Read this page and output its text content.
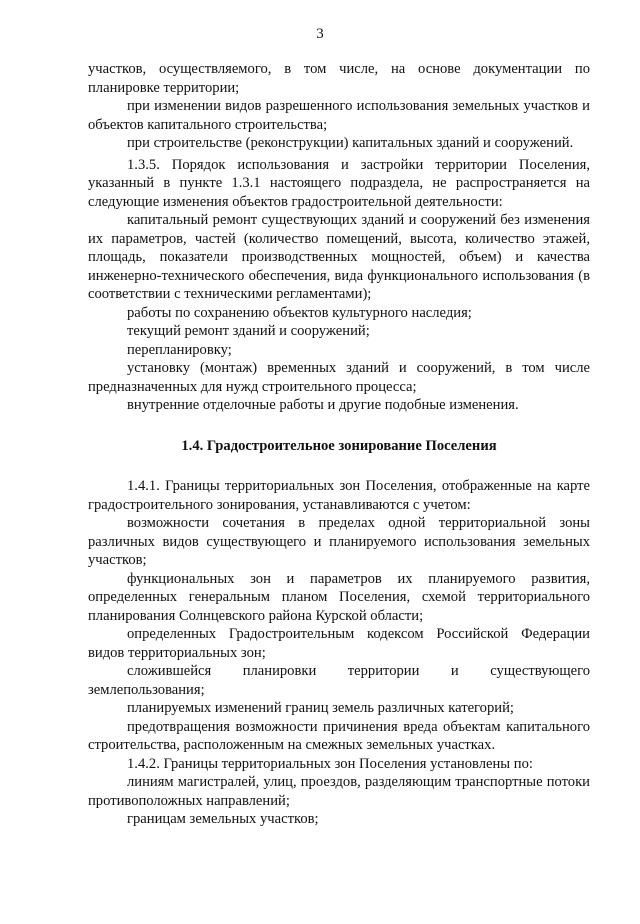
3

участков, осуществляемого, в том числе, на основе документации по планировке территории;

при изменении видов разрешенного использования земельных участков и объектов капитального строительства;

при строительстве (реконструкции) капитальных зданий и сооружений.

1.3.5. Порядок использования и застройки территории Поселения, указанный в пункте 1.3.1 настоящего подраздела, не распространяется на следующие изменения объектов градостроительной деятельности:

капитальный ремонт существующих зданий и сооружений без изменения их параметров, частей (количество помещений, высота, количество этажей, площадь, показатели производственных мощностей, объем) и качества инженерно-технического обеспечения, вида функционального использования (в соответствии с техническими регламентами);

работы по сохранению объектов культурного наследия;

текущий ремонт зданий и сооружений;

перепланировку;

установку (монтаж) временных зданий и сооружений, в том числе предназначенных для нужд строительного процесса;

внутренние отделочные работы и другие подобные изменения.

1.4. Градостроительное зонирование Поселения

1.4.1. Границы территориальных зон Поселения, отображенные на карте градостроительного зонирования, устанавливаются с учетом:

возможности сочетания в пределах одной территориальной зоны различных видов существующего и планируемого использования земельных участков;

функциональных зон и параметров их планируемого развития, определенных генеральным планом Поселения, схемой территориального планирования Солнцевского района Курской области;

определенных Градостроительным кодексом Российской Федерации видов территориальных зон;

сложившейся планировки территории и существующего землепользования;

планируемых изменений границ земель различных категорий;

предотвращения возможности причинения вреда объектам капитального строительства, расположенным на смежных земельных участках.

1.4.2. Границы территориальных зон Поселения установлены по:

линиям магистралей, улиц, проездов, разделяющим транспортные потоки противоположных направлений;

границам земельных участков;
